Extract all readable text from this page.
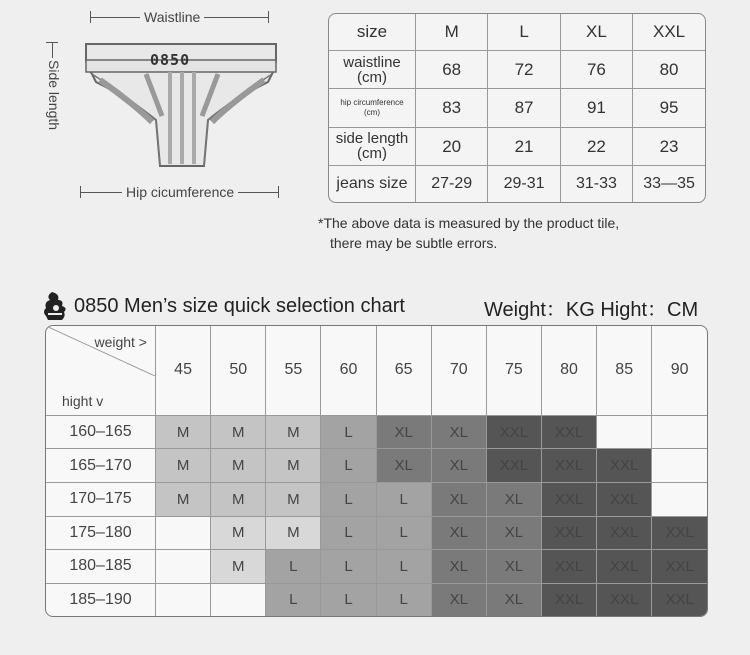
Waistline
Side length	0850
Hip cicumference
size	M	L	XL	XXL

waistline
(cm)	68	72	76	80

hip circumference
(cm)	83	87	91	95

side length
(cm)	20	21	22	23

jeans size	27-29	29-31	31-33	33—35
*The above data is measured by the product tile,
there may be subtle errors.
0850 Men’s size quick selection chart	Weight：KG Hight：CM
weight >
hight v	45	50	55	60	65	70	75	80	85	90
160–165	M	M	M	L	XL	XL	XXL	XXL		
165–170	M	M	M	L	XL	XL	XXL	XXL	XXL	
170–175	M	M	M	L	L	XL	XL	XXL	XXL	
175–180		M	M	L	L	XL	XL	XXL	XXL	XXL
180–185		M	L	L	L	XL	XL	XXL	XXL	XXL
185–190			L	L	L	XL	XL	XXL	XXL	XXL
